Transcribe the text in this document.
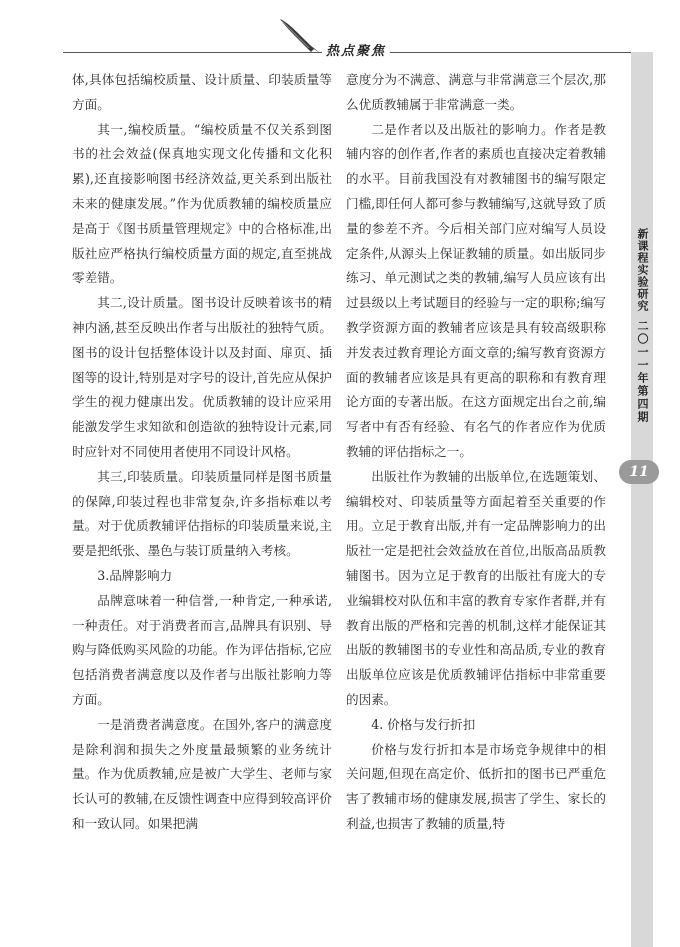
热点聚焦
新课程实验研究
二〇一一年第四期
11

体,具体包括编校质量、设计质量、印装质量等方面。

其一,编校质量。“编校质量不仅关系到图书的社会效益(保真地实现文化传播和文化积累),还直接影响图书经济效益,更关系到出版社未来的健康发展。”作为优质教辅的编校质量应是高于《图书质量管理规定》中的合格标准,出版社应严格执行编校质量方面的规定,直至挑战零差错。

其二,设计质量。图书设计反映着该书的精神内涵,甚至反映出作者与出版社的独特气质。图书的设计包括整体设计以及封面、扉页、插图等的设计,特别是对字号的设计,首先应从保护学生的视力健康出发。优质教辅的设计应采用能激发学生求知欲和创造欲的独特设计元素,同时应针对不同使用者使用不同设计风格。

其三,印装质量。印装质量同样是图书质量的保障,印装过程也非常复杂,许多指标难以考量。对于优质教辅评估指标的印装质量来说,主要是把纸张、墨色与装订质量纳入考核。

3.品牌影响力

品牌意味着一种信誉,一种肯定,一种承诺,一种责任。对于消费者而言,品牌具有识别、导购与降低购买风险的功能。作为评估指标,它应包括消费者满意度以及作者与出版社影响力等方面。

一是消费者满意度。在国外,客户的满意度是除利润和损失之外度量最频繁的业务统计量。作为优质教辅,应是被广大学生、老师与家长认可的教辅,在反馈性调查中应得到较高评价和一致认同。如果把满

意度分为不满意、满意与非常满意三个层次,那么优质教辅属于非常满意一类。

二是作者以及出版社的影响力。作者是教辅内容的创作者,作者的素质也直接决定着教辅的水平。目前我国没有对教辅图书的编写限定门槛,即任何人都可参与教辅编写,这就导致了质量的参差不齐。今后相关部门应对编写人员设定条件,从源头上保证教辅的质量。如出版同步练习、单元测试之类的教辅,编写人员应该有出过县级以上考试题目的经验与一定的职称;编写教学资源方面的教辅者应该是具有较高级职称并发表过教育理论方面文章的;编写教育资源方面的教辅者应该是具有更高的职称和有教育理论方面的专著出版。在这方面规定出台之前,编写者中有否有经验、有名气的作者应作为优质教辅的评估指标之一。

出版社作为教辅的出版单位,在选题策划、编辑校对、印装质量等方面起着至关重要的作用。立足于教育出版,并有一定品牌影响力的出版社一定是把社会效益放在首位,出版高品质教辅图书。因为立足于教育的出版社有庞大的专业编辑校对队伍和丰富的教育专家作者群,并有教育出版的严格和完善的机制,这样才能保证其出版的教辅图书的专业性和高品质,专业的教育出版单位应该是优质教辅评估指标中非常重要的因素。

4. 价格与发行折扣

价格与发行折扣本是市场竞争规律中的相关问题,但现在高定价、低折扣的图书已严重危害了教辅市场的健康发展,损害了学生、家长的利益,也损害了教辅的质量,特
